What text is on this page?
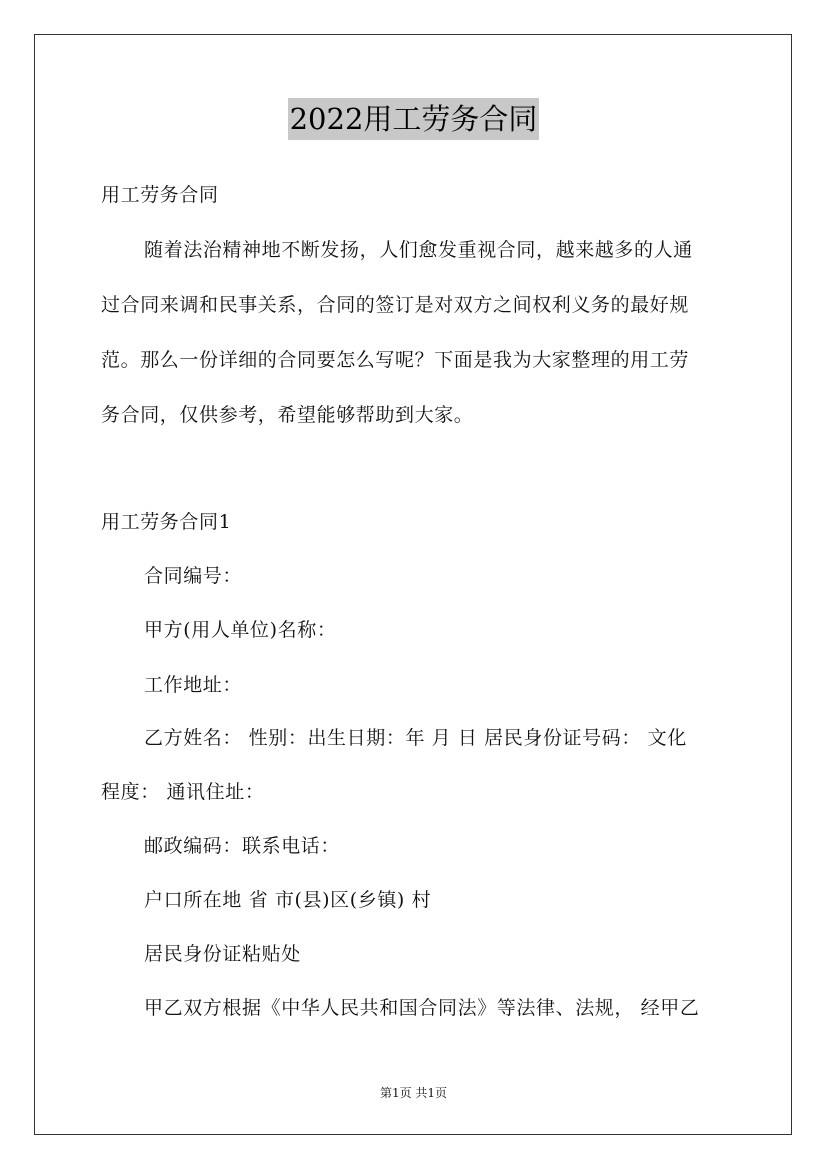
2022用工劳务合同
用工劳务合同
随着法治精神地不断发扬，人们愈发重视合同，越来越多的人通
过合同来调和民事关系，合同的签订是对双方之间权利义务的最好规
范。那么一份详细的合同要怎么写呢？下面是我为大家整理的用工劳
务合同，仅供参考，希望能够帮助到大家。
用工劳务合同1
合同编号：
甲方(用人单位)名称：
工作地址：
乙方姓名： 性别：出生日期：年 月 日 居民身份证号码： 文化
程度： 通讯住址：
邮政编码：联系电话：
户口所在地 省 市(县)区(乡镇) 村
居民身份证粘贴处
甲乙双方根据《中华人民共和国合同法》等法律、法规， 经甲乙
第1页 共1页
